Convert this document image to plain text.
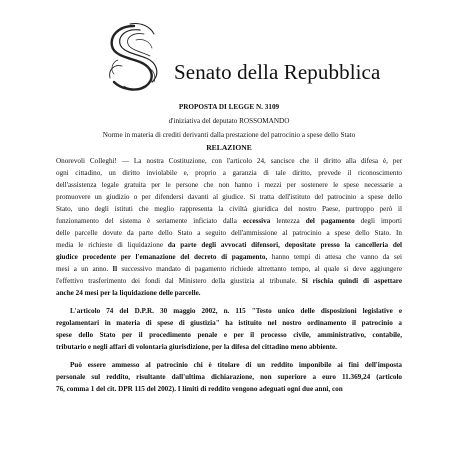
Senato della Repubblica
PROPOSTA DI LEGGE N. 3109
d'iniziativa del deputato ROSSOMANDO
Norme in materia di crediti derivanti dalla prestazione del patrocinio a spese dello Stato
RELAZIONE

Onorevoli Colleghi! — La nostra Costituzione, con l'articolo 24, sancisce che il diritto alla difesa è, per

ogni cittadino, un diritto inviolabile e, proprio a garanzia di tale diritto, prevede il riconoscimento

dell'assistenza legale gratuita per le persone che non hanno i mezzi per sostenere le spese necessarie a

promuovere un giudizio o per difendersi davanti al giudice. Si tratta dell'istituto del patrocinio a spese dello

Stato, uno degli istituti che meglio rappresenta la civiltà giuridica del nostro Paese, purtroppo però il

funzionamento del sistema è seriamente inficiato dalla eccessiva lentezza del pagamento degli importi

delle parcelle dovute da parte dello Stato a seguito dell'ammissione al patrocinio a spese dello Stato. In

media le richieste di liquidazione da parte degli avvocati difensori, depositate presso la cancelleria del

giudice procedente per l'emanazione del decreto di pagamento, hanno tempi di attesa che vanno da sei

mesi a un anno. Il successivo mandato di pagamento richiede altrettanto tempo, al quale si deve aggiungere

l'effettivo trasferimento dei fondi dal Ministero della giustizia al tribunale. Si rischia quindi di aspettare

anche 24 mesi per la liquidazione delle parcelle.

L'articolo 74 del D.P.R. 30 maggio 2002, n. 115 "Testo unico delle disposizioni legislative e

regolamentari in materia di spese di giustizia" ha istituito nel nostro ordinamento il patrocinio a

spese dello Stato per il procedimento penale e per il processo civile, amministrativo, contabile,

tributario e negli affari di volontaria giurisdizione, per la difesa del cittadino meno abbiente.

Può essere ammesso al patrocinio chi è titolare di un reddito imponibile ai fini dell'imposta

personale sul reddito, risultante dall'ultima dichiarazione, non superiore a euro 11.369,24 (articolo

76, comma 1 del cit. DPR 115 del 2002). I limiti di reddito vengono adeguati ogni due anni, con
